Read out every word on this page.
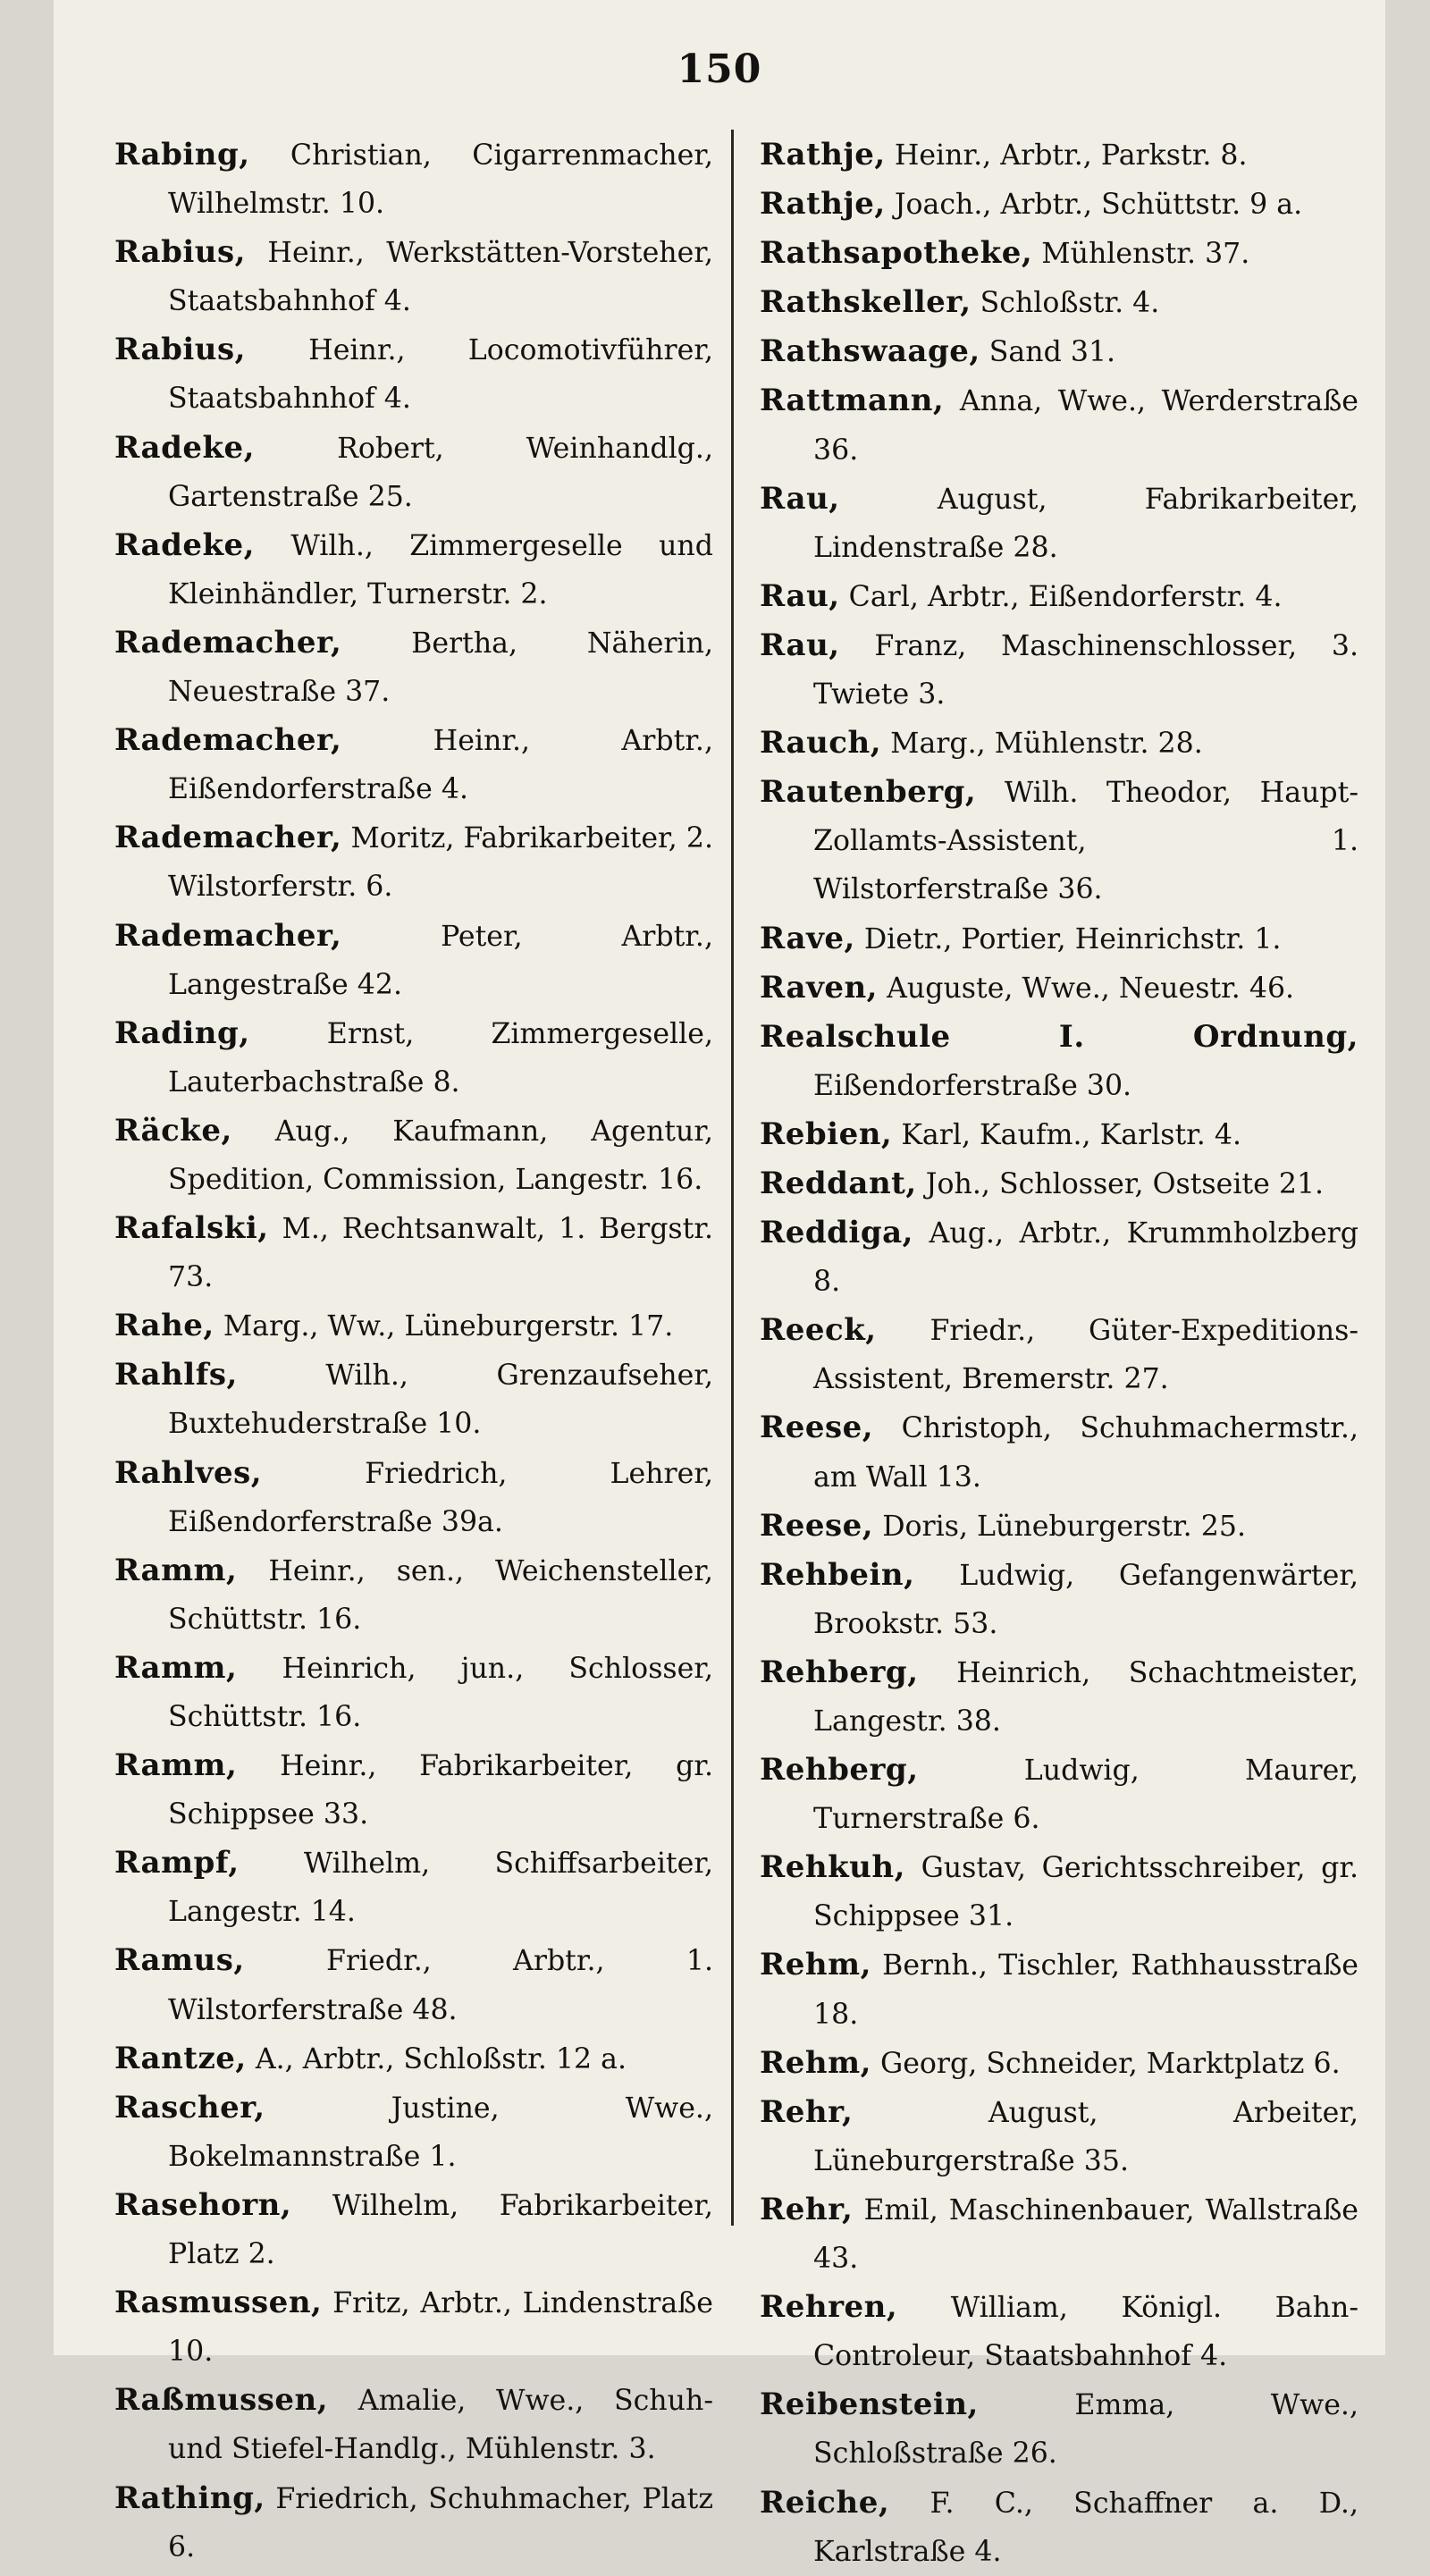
150

Rabing, Christian, Cigarrenmacher, Wilhelmstr. 10.

Rabius, Heinr., Werkstätten-Vorsteher, Staatsbahnhof 4.

Rabius, Heinr., Locomotivführer, Staatsbahnhof 4.

Radeke,	Robert, Weinhandlg., Gartenstraße 25.

Radeke, Wilh., Zimmergeselle und Kleinhändler, Turnerstr. 2.

Rademacher, Bertha, Näherin, Neuestraße 37.

Rademacher,	Heinr., Arbtr., Eißendorferstraße 4.

Rademacher, Moritz, Fabrikarbeiter, 2. Wilstorferstr. 6.

Rademacher,	Peter, Arbtr., Langestraße 42.

Rading,	Ernst, Zimmergeselle, Lauterbachstraße 8.

Räcke, Aug., Kaufmann, Agentur, Spedition, Commission, Langestr. 16.

Rafalski, M., Rechtsanwalt, 1. Bergstr. 73.

Rahe, Marg., Ww., Lüneburgerstr. 17.

Rahlfs,	Wilh., Grenzaufseher, Buxtehuderstraße 10.

Rahlves,	Friedrich, Lehrer, Eißendorferstraße 39a.

Ramm, Heinr., sen., Weichensteller, Schüttstr. 16.

Ramm, Heinrich, jun., Schlosser, Schüttstr. 16.

Ramm, Heinr., Fabrikarbeiter, gr. Schippsee 33.

Rampf, Wilhelm, Schiffsarbeiter, Langestr. 14.

Ramus,	Friedr., Arbtr., 1. Wilstorferstraße 48.

Rantze, A., Arbtr., Schloßstr. 12 a.

Rascher,	Justine, Wwe., Bokelmannstraße 1.

Rasehorn, Wilhelm, Fabrikarbeiter, Platz 2.

Rasmussen, Fritz, Arbtr., Lindenstraße 10.

Raßmussen, Amalie, Wwe., Schuh- und Stiefel-Handlg., Mühlenstr. 3.

Rathing, Friedrich, Schuhmacher, Platz 6.

Rathje, Heinr., Arbtr., Parkstr. 8.

Rathje, Joach., Arbtr., Schüttstr. 9 a.

Rathsapotheke, Mühlenstr. 37.

Rathskeller, Schloßstr. 4.

Rathswaage, Sand 31.

Rattmann, Anna, Wwe., Werderstraße 36.

Rau,	August, Fabrikarbeiter, Lindenstraße 28.

Rau, Carl, Arbtr., Eißendorferstr. 4.

Rau, Franz, Maschinenschlosser, 3. Twiete 3.

Rauch, Marg., Mühlenstr. 28.

Rautenberg, Wilh. Theodor, Haupt-Zollamts-Assistent, 1. Wilstorferstraße 36.

Rave, Dietr., Portier, Heinrichstr. 1.

Raven, Auguste, Wwe., Neuestr. 46.

Realschule I. Ordnung, Eißendorferstraße 30.

Rebien, Karl, Kaufm., Karlstr. 4.

Reddant, Joh., Schlosser, Ostseite 21.

Reddiga, Aug., Arbtr., Krummholzberg 8.

Reeck, Friedr., Güter-Expeditions-Assistent, Bremerstr. 27.

Reese, Christoph, Schuhmachermstr., am Wall 13.

Reese, Doris, Lüneburgerstr. 25.

Rehbein, Ludwig, Gefangenwärter, Brookstr. 53.

Rehberg, Heinrich, Schachtmeister, Langestr. 38.

Rehberg,	Ludwig, Maurer, Turnerstraße 6.

Rehkuh, Gustav, Gerichtsschreiber, gr. Schippsee 31.

Rehm, Bernh., Tischler, Rathhausstraße 18.

Rehm, Georg, Schneider, Marktplatz 6.

Rehr,	August, Arbeiter, Lüneburgerstraße 35.

Rehr, Emil, Maschinenbauer, Wallstraße 43.

Rehren, William, Königl. Bahn-Controleur, Staatsbahnhof 4.

Reibenstein,	Emma, Wwe., Schloßstraße 26.

Reiche, F. C., Schaffner a. D., Karlstraße 4.
